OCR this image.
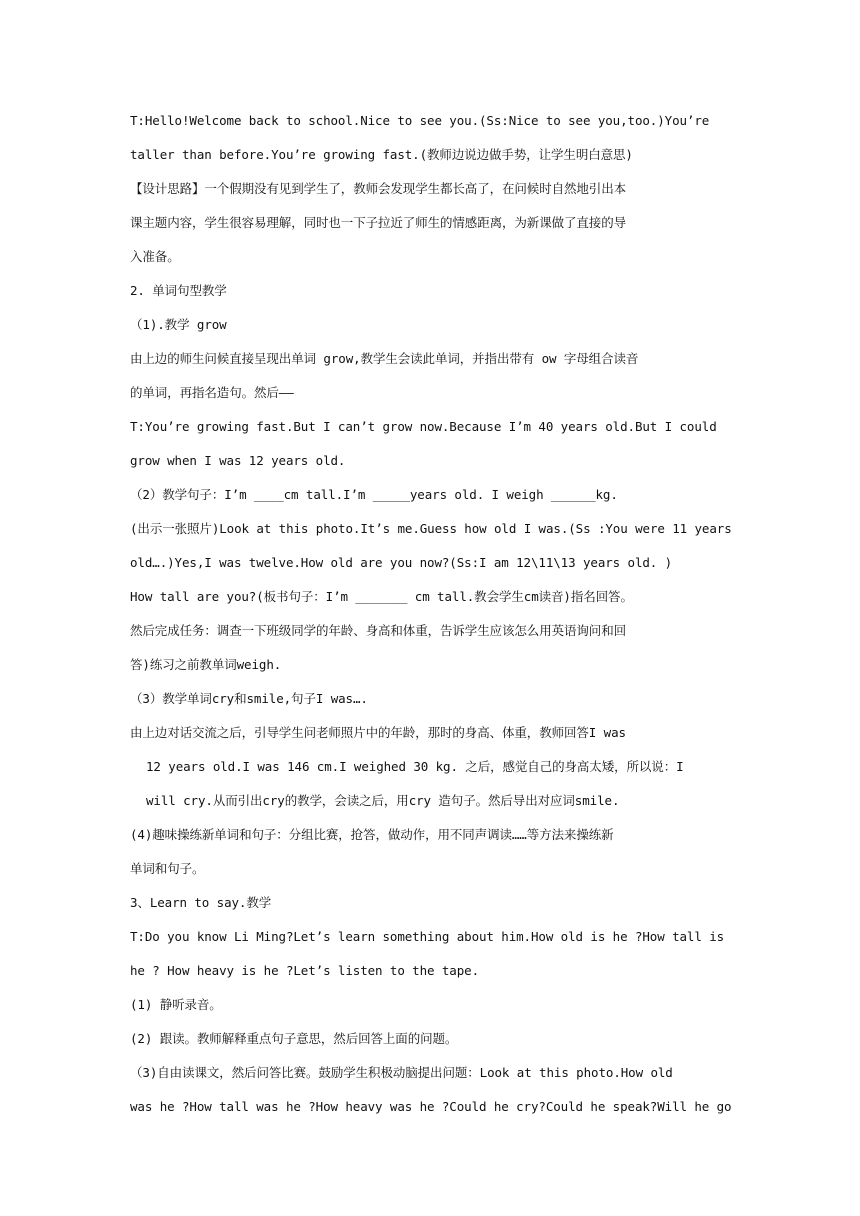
T:Hello!Welcome back to school.Nice to see you.(Ss:Nice to see you,too.)You’re
taller than before.You’re growing fast.(教师边说边做手势，让学生明白意思)
【设计思路】一个假期没有见到学生了，教师会发现学生都长高了，在问候时自然地引出本
课主题内容，学生很容易理解，同时也一下子拉近了师生的情感距离，为新课做了直接的导
入准备。
2. 单词句型教学
（1).教学 grow
由上边的师生问候直接呈现出单词 grow,教学生会读此单词，并指出带有 ow 字母组合读音
的单词，再指名造句。然后——
T:You’re growing fast.But I can’t grow now.Because I’m 40 years old.But I could
grow when I was 12 years old.
（2）教学句子：I’m ____cm tall.I’m _____years old. I weigh ______kg.
(出示一张照片)Look at this photo.It’s me.Guess how old I was.(Ss :You were 11 years
old….)Yes,I was twelve.How old are you now?(Ss:I am 12\11\13 years old. )
How tall are you?(板书句子：I’m _______ cm tall.教会学生cm读音)指名回答。
然后完成任务：调查一下班级同学的年龄、身高和体重，告诉学生应该怎么用英语询问和回
答)练习之前教单词weigh.
（3）教学单词cry和smile,句子I was….
由上边对话交流之后，引导学生问老师照片中的年龄，那时的身高、体重，教师回答I was
12 years old.I was 146 cm.I weighed 30 kg. 之后，感觉自己的身高太矮，所以说：I
will cry.从而引出cry的教学，会读之后，用cry 造句子。然后导出对应词smile.
(4)趣味操练新单词和句子：分组比赛，抢答，做动作，用不同声调读……等方法来操练新
单词和句子。
3、Learn to say.教学
T:Do you know Li Ming?Let’s learn something about him.How old is he ?How tall is
he ? How heavy is he ?Let’s listen to the tape.
(1) 静听录音。
(2) 跟读。教师解释重点句子意思，然后回答上面的问题。
（3)自由读课文，然后问答比赛。鼓励学生积极动脑提出问题：Look at this photo.How old
was he ?How tall was he ?How heavy was he ?Could he cry?Could he speak?Will he go
